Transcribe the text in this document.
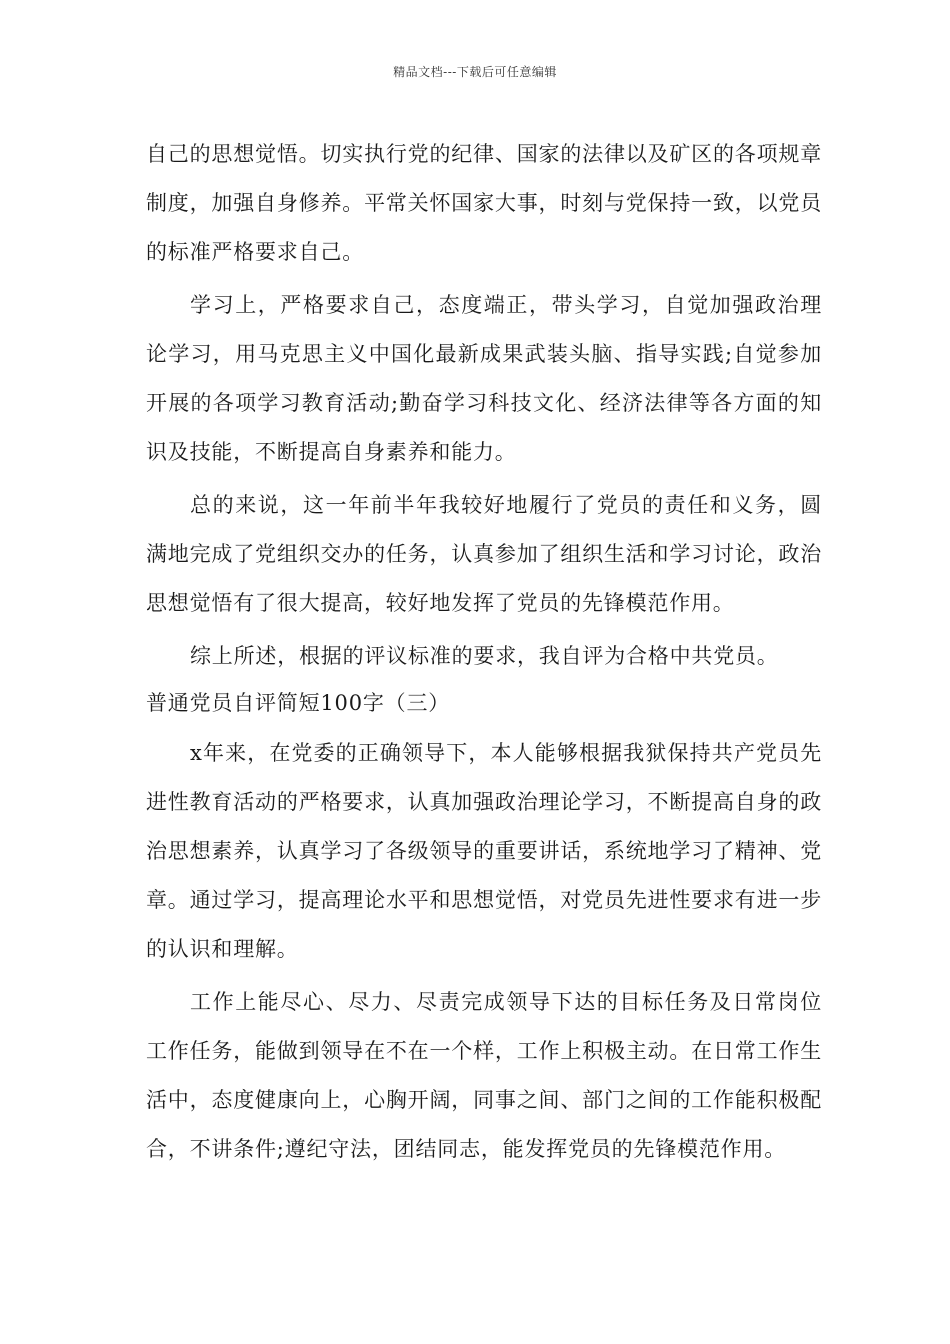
精品文档---下载后可任意编辑

自己的思想觉悟。切实执行党的纪律、国家的法律以及矿区的各项规章制度，加强自身修养。平常关怀国家大事，时刻与党保持一致，以党员的标准严格要求自己。

学习上，严格要求自己，态度端正，带头学习，自觉加强政治理论学习，用马克思主义中国化最新成果武装头脑、指导实践;自觉参加开展的各项学习教育活动;勤奋学习科技文化、经济法律等各方面的知识及技能，不断提高自身素养和能力。

总的来说，这一年前半年我较好地履行了党员的责任和义务，圆满地完成了党组织交办的任务，认真参加了组织生活和学习讨论，政治思想觉悟有了很大提高，较好地发挥了党员的先锋模范作用。

综上所述，根据的评议标准的要求，我自评为合格中共党员。

普通党员自评简短100字（三）

x年来，在党委的正确领导下，本人能够根据我狱保持共产党员先进性教育活动的严格要求，认真加强政治理论学习，不断提高自身的政治思想素养，认真学习了各级领导的重要讲话，系统地学习了精神、党章。通过学习，提高理论水平和思想觉悟，对党员先进性要求有进一步的认识和理解。

工作上能尽心、尽力、尽责完成领导下达的目标任务及日常岗位工作任务，能做到领导在不在一个样，工作上积极主动。在日常工作生活中，态度健康向上，心胸开阔，同事之间、部门之间的工作能积极配合，不讲条件;遵纪守法，团结同志，能发挥党员的先锋模范作用。
